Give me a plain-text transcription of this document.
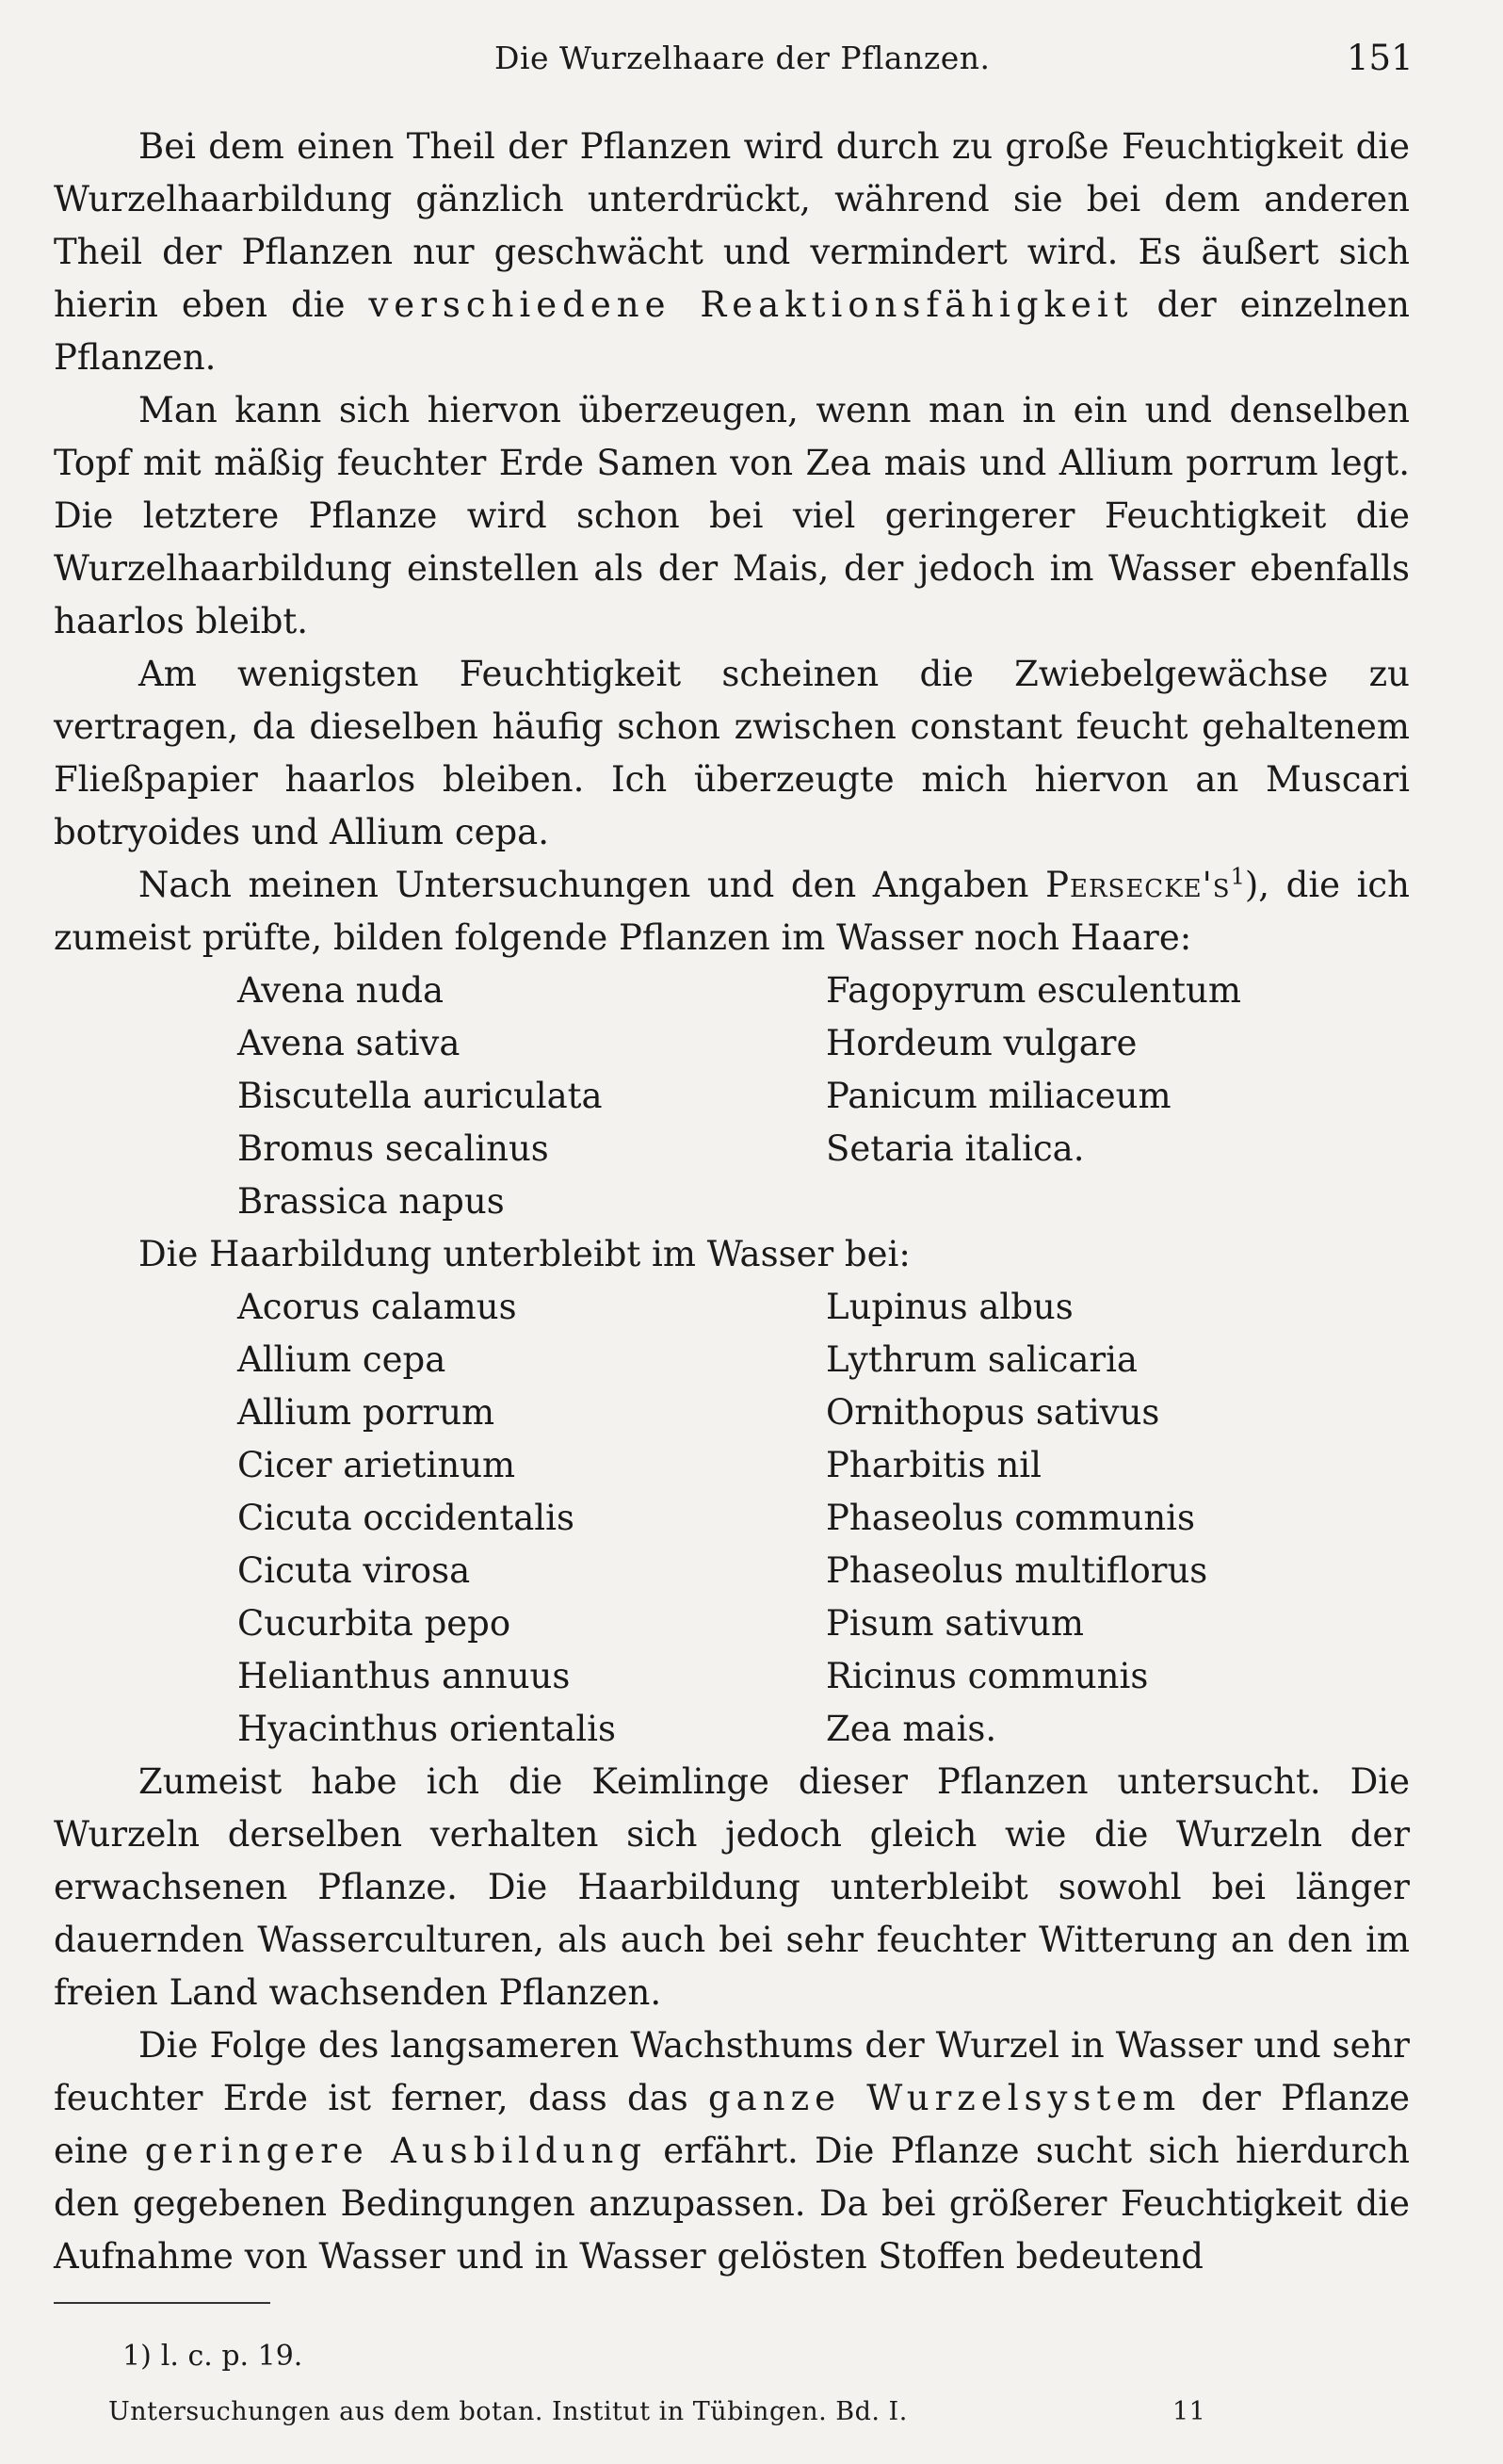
Die Wurzelhaare der Pflanzen.	151

Bei dem einen Theil der Pflanzen wird durch zu große Feuchtigkeit die Wurzelhaarbildung gänzlich unterdrückt, während sie bei dem anderen Theil der Pflanzen nur geschwächt und vermindert wird. Es äußert sich hierin eben die verschiedene Reaktionsfähigkeit der einzelnen Pflanzen.

Man kann sich hiervon überzeugen, wenn man in ein und denselben Topf mit mäßig feuchter Erde Samen von Zea mais und Allium porrum legt. Die letztere Pflanze wird schon bei viel geringerer Feuchtigkeit die Wurzelhaarbildung einstellen als der Mais, der jedoch im Wasser ebenfalls haarlos bleibt.

Am wenigsten Feuchtigkeit scheinen die Zwiebelgewächse zu vertragen, da dieselben häufig schon zwischen constant feucht gehaltenem Fließpapier haarlos bleiben. Ich überzeugte mich hiervon an Muscari botryoides und Allium cepa.

Nach meinen Untersuchungen und den Angaben $Persecke's^1$), die ich zumeist prüfte, bilden folgende Pflanzen im Wasser noch Haare:

Avena nuda	Fagopyrum esculentum
Avena sativa	Hordeum vulgare
Biscutella auriculata	Panicum miliaceum
Bromus secalinus	Setaria italica.
Brassica napus

Die Haarbildung unterbleibt im Wasser bei:

Acorus calamus	Lupinus albus
Allium cepa	Lythrum salicaria
Allium porrum	Ornithopus sativus
Cicer arietinum	Pharbitis nil
Cicuta occidentalis	Phaseolus communis
Cicuta virosa	Phaseolus multiflorus
Cucurbita pepo	Pisum sativum
Helianthus annuus	Ricinus communis
Hyacinthus orientalis	Zea mais.

Zumeist habe ich die Keimlinge dieser Pflanzen untersucht. Die Wurzeln derselben verhalten sich jedoch gleich wie die Wurzeln der erwachsenen Pflanze. Die Haarbildung unterbleibt sowohl bei länger dauernden Wasserculturen, als auch bei sehr feuchter Witterung an den im freien Land wachsenden Pflanzen.

Die Folge des langsameren Wachsthums der Wurzel in Wasser und sehr feuchter Erde ist ferner, dass das ganze Wurzelsystem der Pflanze eine geringere Ausbildung erfährt. Die Pflanze sucht sich hierdurch den gegebenen Bedingungen anzupassen. Da bei größerer Feuchtigkeit die Aufnahme von Wasser und in Wasser gelösten Stoffen bedeutend

1) l. c. p. 19.
Untersuchungen aus dem botan. Institut in Tübingen. Bd. I.	11
